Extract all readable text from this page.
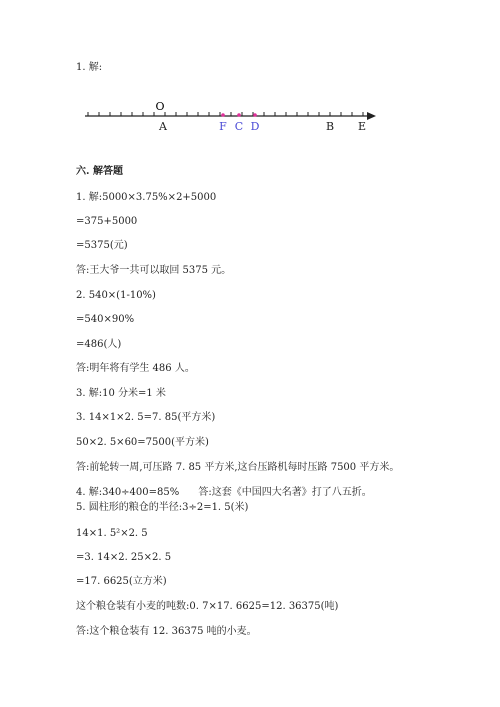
1. 解:
O
A	F C D	B E
六. 解答题
1. 解:5000×3.75%×2+5000
=375+5000
=5375(元)
答:王大爷一共可以取回 5375 元。
2. 540×(1-10%)
=540×90%
=486(人)
答:明年将有学生 486 人。
3. 解:10 分米=1 米
3. 14×1×2. 5=7. 85(平方米)
50×2. 5×60=7500(平方米)
答:前轮转一周,可压路 7. 85 平方米,这台压路机每时压路 7500 平方米。
4. 解:340÷400=85%      答:这套《中国四大名著》打了八五折。
5. 圆柱形的粮仓的半径:3÷2=1. 5(米)
14×1. 5²×2. 5
=3. 14×2. 25×2. 5
=17. 6625(立方米)
这个粮仓装有小麦的吨数:0. 7×17. 6625=12. 36375(吨)
答:这个粮仓装有 12. 36375 吨的小麦。
